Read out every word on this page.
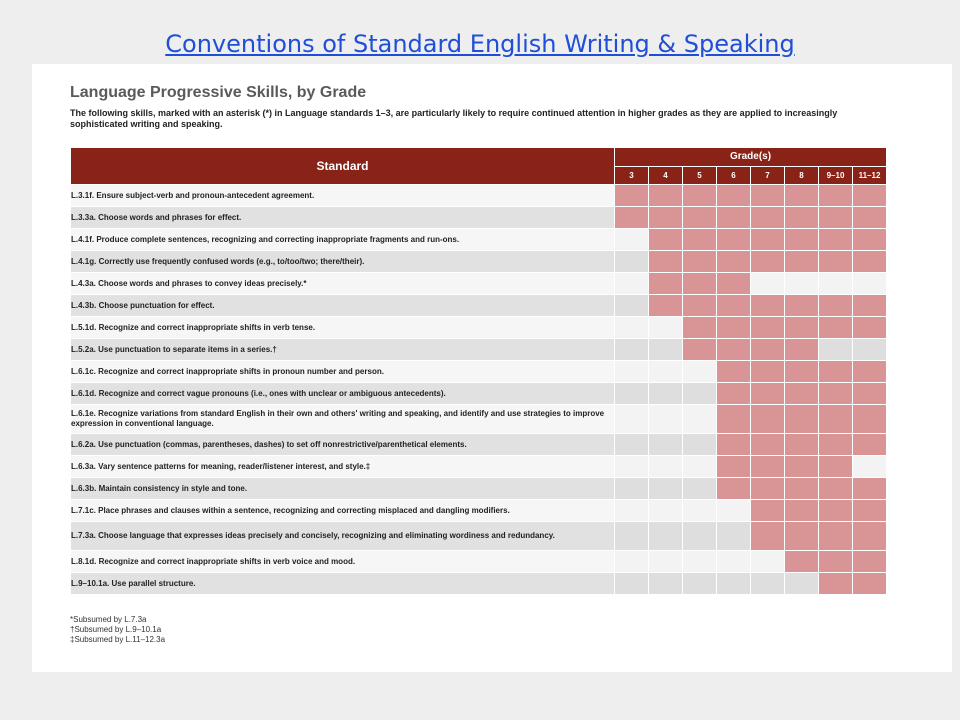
Conventions of Standard English Writing & Speaking
Language Progressive Skills, by Grade
The following skills, marked with an asterisk (*) in Language standards 1–3, are particularly likely to require continued attention in higher grades as they are applied to increasingly sophisticated writing and speaking.
Standard	Grade(s)							
	3	4	5	6	7	8	9–10	11–12
L.3.1f. Ensure subject-verb and pronoun-antecedent agreement.								
L.3.3a. Choose words and phrases for effect.								
L.4.1f. Produce complete sentences, recognizing and correcting inappropriate fragments and run-ons.								
L.4.1g. Correctly use frequently confused words (e.g., to/too/two; there/their).								
L.4.3a. Choose words and phrases to convey ideas precisely.*								
L.4.3b. Choose punctuation for effect.								
L.5.1d. Recognize and correct inappropriate shifts in verb tense.								
L.5.2a. Use punctuation to separate items in a series.†								
L.6.1c. Recognize and correct inappropriate shifts in pronoun number and person.								
L.6.1d. Recognize and correct vague pronouns (i.e., ones with unclear or ambiguous antecedents).								
L.6.1e. Recognize variations from standard English in their own and others' writing and speaking, and identify and use strategies to improve expression in conventional language.								
L.6.2a. Use punctuation (commas, parentheses, dashes) to set off nonrestrictive/parenthetical elements.								
L.6.3a. Vary sentence patterns for meaning, reader/listener interest, and style.‡								
L.6.3b. Maintain consistency in style and tone.								
L.7.1c. Place phrases and clauses within a sentence, recognizing and correcting misplaced and dangling modifiers.								
L.7.3a. Choose language that expresses ideas precisely and concisely, recognizing and eliminating wordiness and redundancy.								
L.8.1d. Recognize and correct inappropriate shifts in verb voice and mood.								
L.9–10.1a. Use parallel structure.								
*Subsumed by L.7.3a
†Subsumed by L.9–10.1a
‡Subsumed by L.11–12.3a
